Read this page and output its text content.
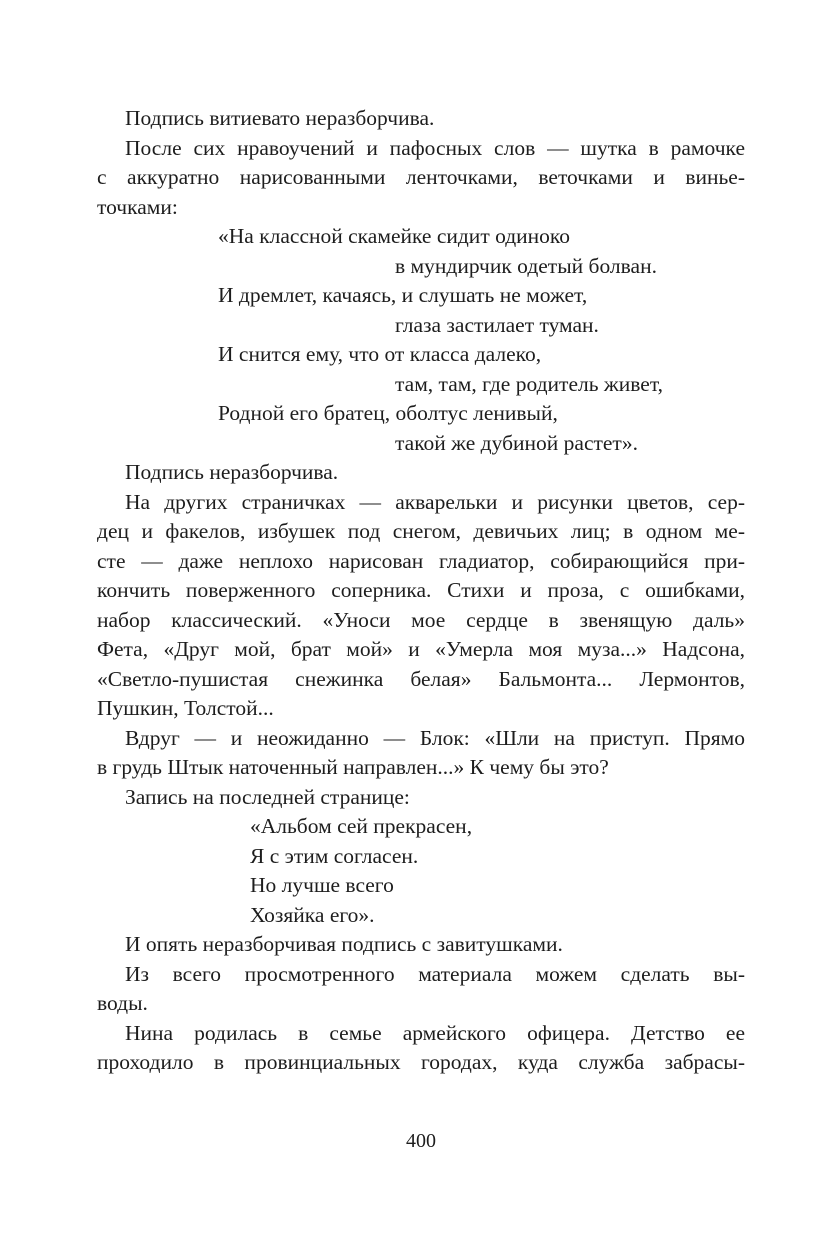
Подпись витиевато неразборчива.
После сих нравоучений и пафосных слов — шутка в рамочке
с аккуратно нарисованными ленточками, веточками и винье-
точками:
«На классной скамейке сидит одиноко
в мундирчик одетый болван.
И дремлет, качаясь, и слушать не может,
глаза застилает туман.
И снится ему, что от класса далеко,
там, там, где родитель живет,
Родной его братец, оболтус ленивый,
такой же дубиной растет».
Подпись неразборчива.
На других страничках — акварельки и рисунки цветов, сер-
дец и факелов, избушек под снегом, девичьих лиц; в одном ме-
сте — даже неплохо нарисован гладиатор, собирающийся при-
кончить поверженного соперника. Стихи и проза, с ошибками,
набор классический. «Уноси мое сердце в звенящую даль»
Фета, «Друг мой, брат мой» и «Умерла моя муза...» Надсона,
«Светло-пушистая снежинка белая» Бальмонта... Лермонтов,
Пушкин, Толстой...
Вдруг — и неожиданно — Блок: «Шли на приступ. Прямо
в грудь Штык наточенный направлен...» К чему бы это?
Запись на последней странице:
«Альбом сей прекрасен,
Я с этим согласен.
Но лучше всего
Хозяйка его».
И опять неразборчивая подпись с завитушками.
Из всего просмотренного материала можем сделать вы-
воды.
Нина родилась в семье армейского офицера. Детство ее
проходило в провинциальных городах, куда служба забрасы-
400
